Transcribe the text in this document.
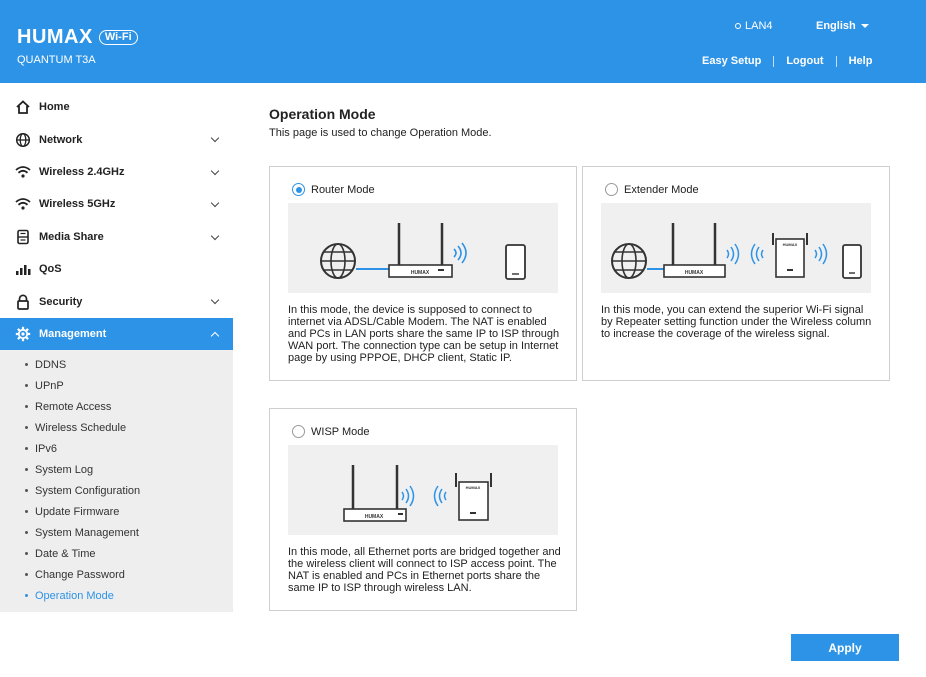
HUMAX	Wi-Fi
QUANTUM T3A
LAN4	English
Easy Setup Logout Help
Home
Network
Wireless 2.4GHz
Wireless 5GHz
Media Share
QoS
Security
Management
DDNS
UPnP
Remote Access
Wireless Schedule
IPv6
System Log
System Configuration
Update Firmware
System Management
Date & Time
Change Password
Operation Mode
Operation Mode
This page is used to change Operation Mode.
Router Mode
HUMAX
In this mode, the device is supposed to connect to internet via ADSL/Cable Modem. The NAT is enabled and PCs in LAN ports share the same IP to ISP through WAN port. The connection type can be setup in Internet page by using PPPOE, DHCP client, Static IP.
Extender Mode
HUMAX
HUMAX
In this mode, you can extend the superior Wi-Fi signal by Repeater setting function under the Wireless column to increase the coverage of the wireless signal.
WISP Mode
HUMAX
HUMAX
In this mode, all Ethernet ports are bridged together and the wireless client will connect to ISP access point. The NAT is enabled and PCs in Ethernet ports share the same IP to ISP through wireless LAN.
Apply
